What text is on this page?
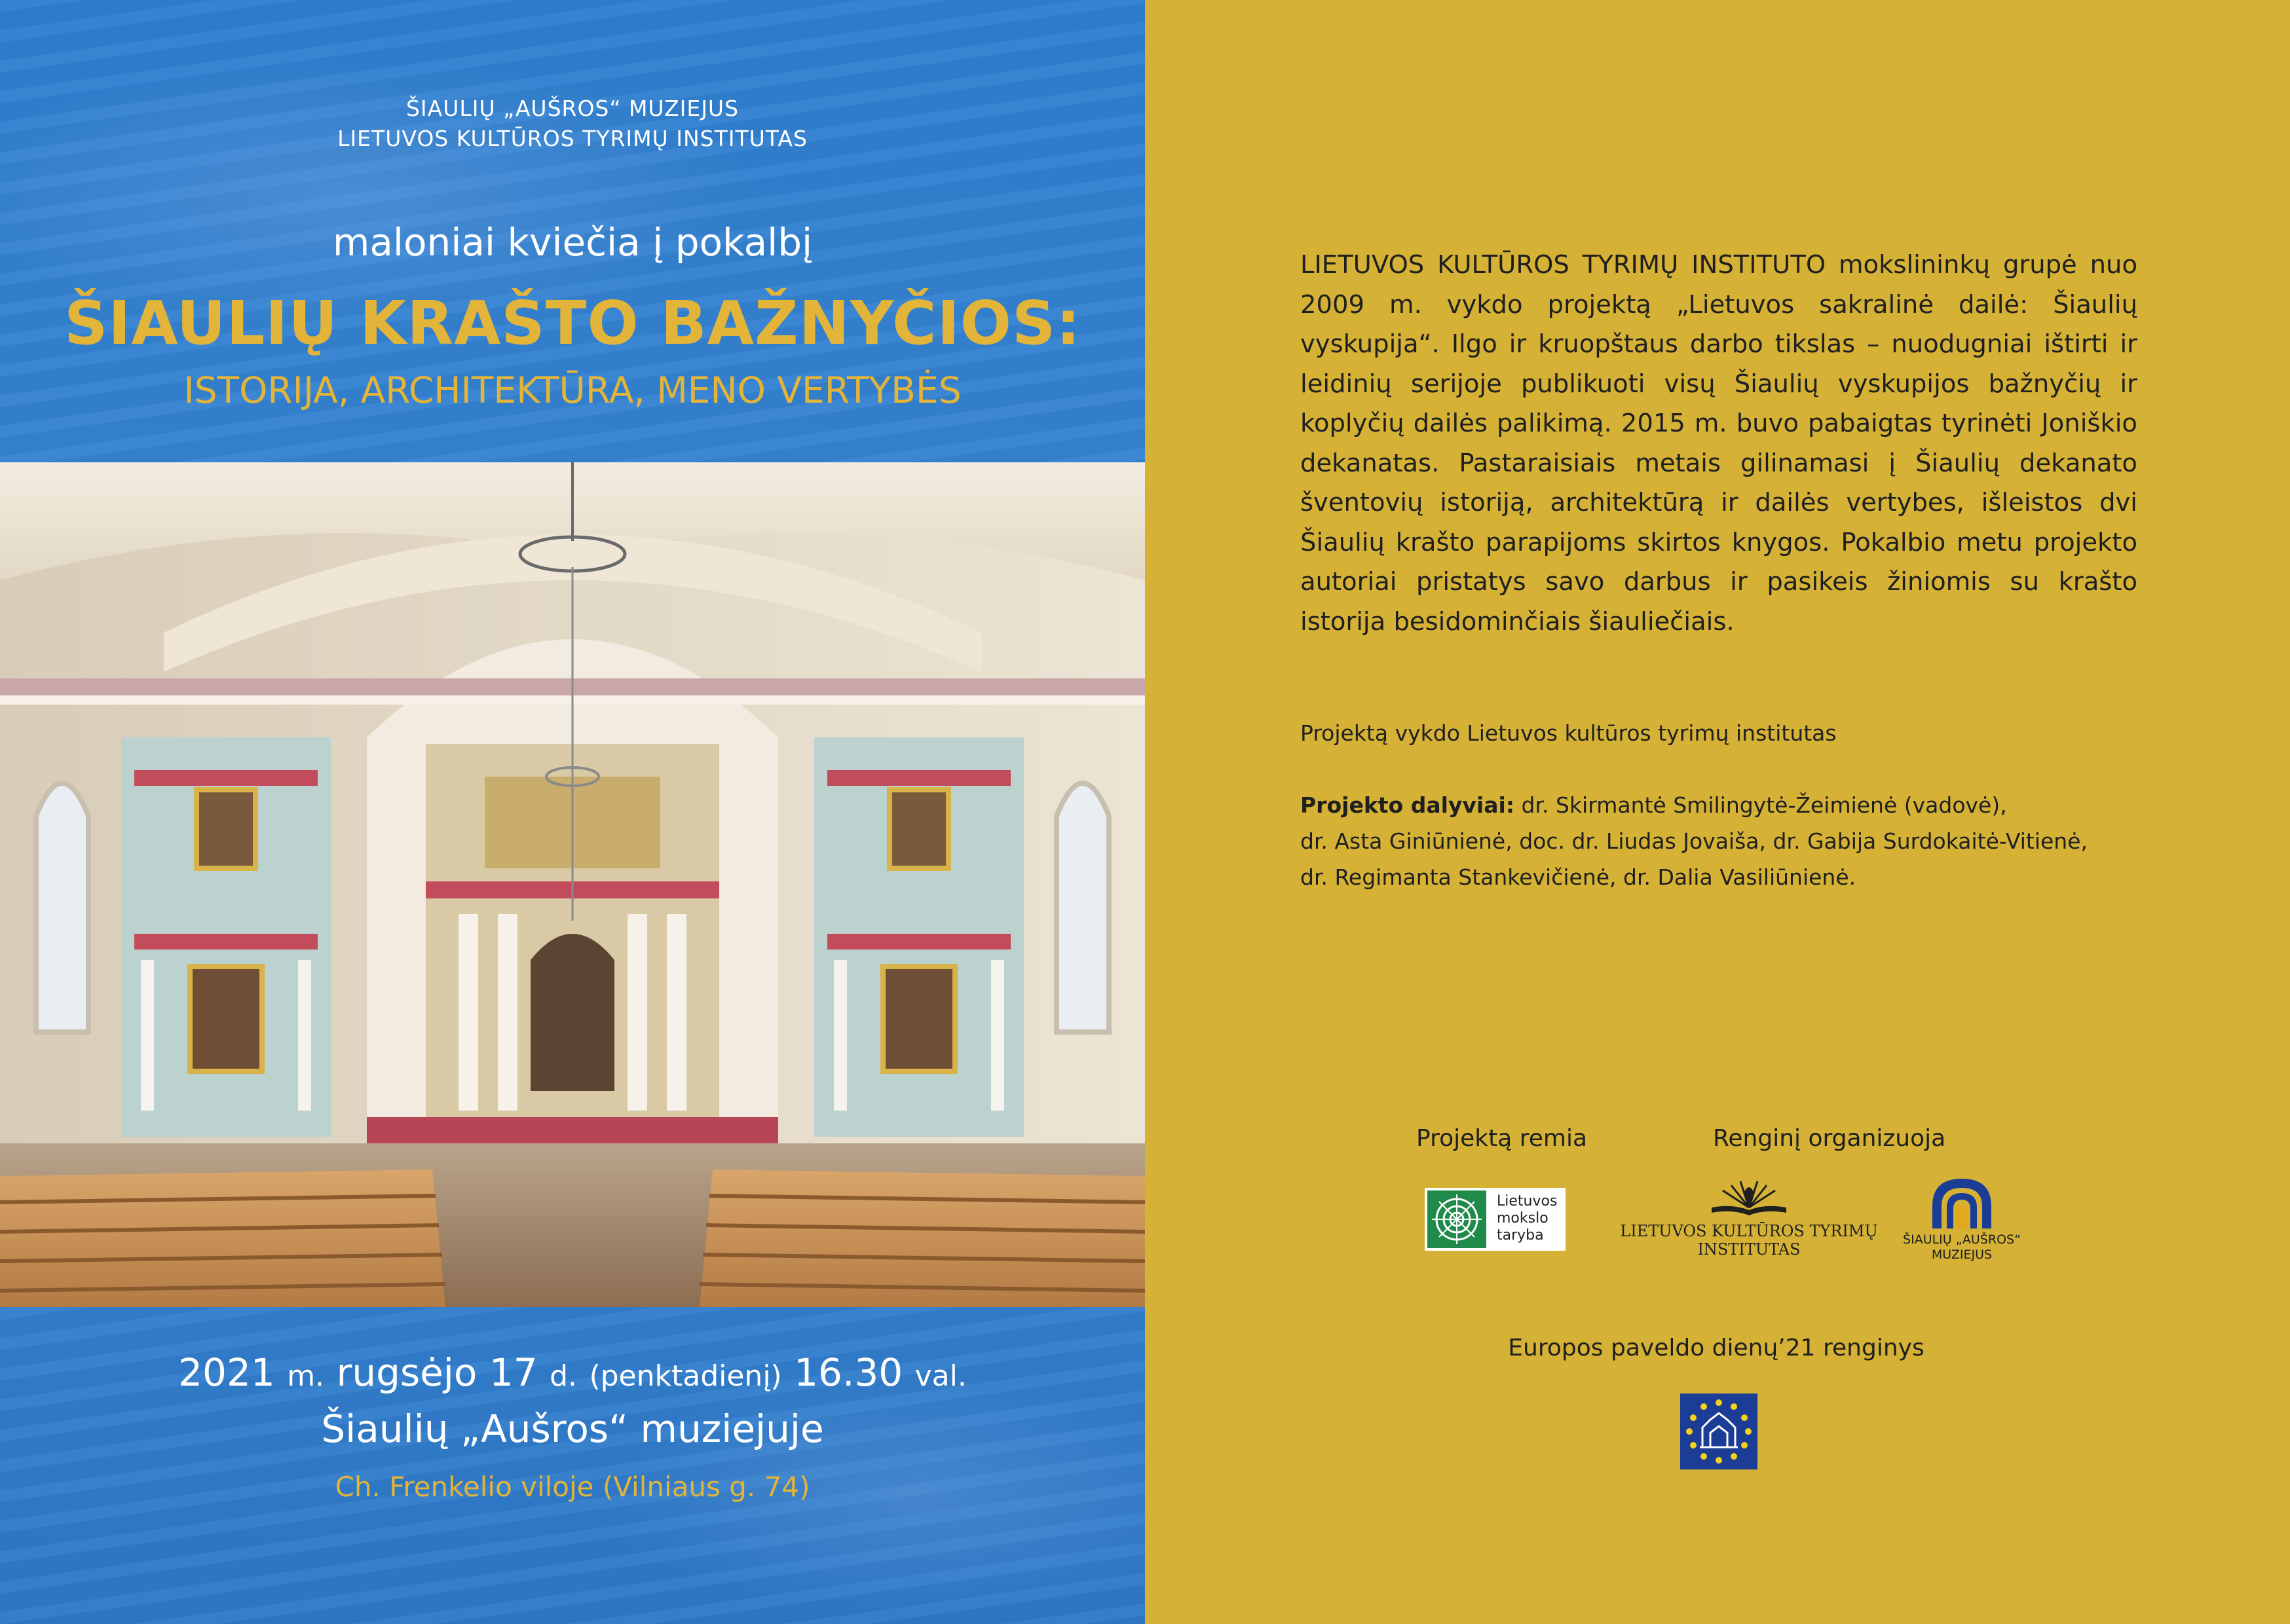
ŠIAULIŲ „AUŠROS“ MUZIEJUS
LIETUVOS KULTŪROS TYRIMŲ INSTITUTAS
maloniai kviečia į pokalbį
ŠIAULIŲ KRAŠTO BAŽNYČIOS:
ISTORIJA, ARCHITEKTŪRA, MENO VERTYBĖS
2021 m. rugsėjo 17 d. (penktadienį) 16.30 val.
Šiaulių „Aušros“ muziejuje
Ch. Frenkelio viloje (Vilniaus g. 74)

LIETUVOS KULTŪROS TYRIMŲ INSTITUTO mokslininkų grupė nuo 2009 m. vykdo projektą „Lietuvos sakralinė dailė: Šiaulių vyskupija“. Ilgo ir kruopštaus darbo tikslas – nuodugniai ištirti ir leidinių serijoje publikuoti visų Šiaulių vyskupijos bažnyčių ir koplyčių dailės palikimą. 2015 m. buvo pabaigtas tyrinėti Joniškio dekanatas. Pastaraisiais metais gilinamasi į Šiaulių dekanato šventovių istoriją, architektūrą ir dailės vertybes, išleistos dvi Šiaulių krašto parapijoms skirtos knygos. Pokalbio metu projekto autoriai pristatys savo darbus ir pasikeis žiniomis su krašto istorija besidominčiais šiauliečiais.

Projektą vykdo Lietuvos kultūros tyrimų institutas
Projekto dalyviai: dr. Skirmantė Smilingytė-Žeimienė (vadovė),
dr. Asta Giniūnienė, doc. dr. Liudas Jovaiša, dr. Gabija Surdokaitė-Vitienė,
dr. Regimanta Stankevičienė, dr. Dalia Vasiliūnienė.
Projektą remia	Renginį organizuoja
Lietuvos
mokslo
taryba	LIETUVOS KULTŪROS TYRIMŲ
INSTITUTAS
ŠIAULIŲ „AUŠROS“
MUZIEJUS
Europos paveldo dienų’21 renginys
